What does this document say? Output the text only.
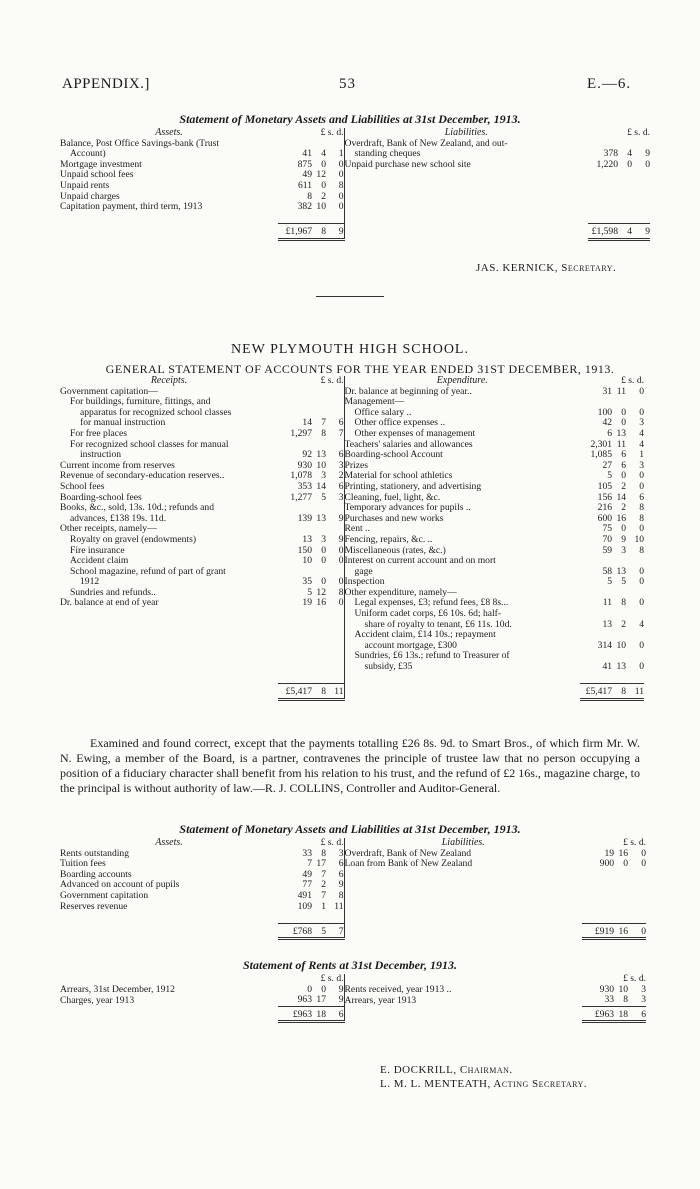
APPENDIX.]	53	E.—6.
Statement of Monetary Assets and Liabilities at 31st December, 1913.
Assets.	£ s. d.			Liabilities.	£ s. d.		
Balance, Post Office Savings-bank (Trust				Overdraft, Bank of New Zealand, and out-			
Account)	41	4	1	standing cheques	378	4	9
Mortgage investment	875	0	0	Unpaid purchase new school site	1,220	0	0
Unpaid school fees	49	12	0				
Unpaid rents	611	0	8				
Unpaid charges	8	2	0				
Capitation payment, third term, 1913	382	10	0				

	£1,967	8	9		£1,598	4	9
JAS. KERNICK, Secretary.
NEW PLYMOUTH HIGH SCHOOL.
GENERAL STATEMENT OF ACCOUNTS FOR THE YEAR ENDED 31ST DECEMBER, 1913.
Receipts.	£ s. d.			Expenditure.	£ s. d.		
Government capitation—				Dr. balance at beginning of year..	31	11	0
For buildings, furniture, fittings, and				Management—			
apparatus for recognized school classes				Office salary ..	100	0	0
for manual instruction	14	7	6	Other office expenses ..	42	0	3
For free places	1,297	8	7	Other expenses of management	6	13	4
For recognized school classes for manual				Teachers' salaries and allowances	2,301	11	4
instruction	92	13	6	Boarding-school Account	1,085	6	1
Current income from reserves	930	10	3	Prizes	27	6	3
Revenue of secondary-education reserves..	1,078	3	2	Material for school athletics	5	0	0
School fees	353	14	6	Printing, stationery, and advertising	105	2	0
Boarding-school fees	1,277	5	3	Cleaning, fuel, light, &c.	156	14	6
Books, &c., sold, 13s. 10d.; refunds and				Temporary advances for pupils ..	216	2	8
advances, £138 19s. 11d.	139	13	9	Purchases and new works	600	16	8
Other receipts, namely—				Rent ..	75	0	0
Royalty on gravel (endowments)	13	3	9	Fencing, repairs, &c. ..	70	9	10
Fire insurance	150	0	0	Miscellaneous (rates, &c.)	59	3	8
Accident claim	10	0	0	Interest on current account and on mort			
School magazine, refund of part of grant				gage	58	13	0
1912	35	0	0	Inspection	5	5	0
Sundries and refunds..	5	12	8	Other expenditure, namely—			
Dr. balance at end of year	19	16	0	Legal expenses, £3; refund fees, £8 8s...	11	8	0
				Uniform cadet corps, £6 10s. 6d; half-			
				share of royalty to tenant, £6 11s. 10d.	13	2	4
				Accident claim, £14 10s.; repayment			
				account mortgage, £300	314	10	0
				Sundries, £6 13s.; refund to Treasurer of			
				subsidy, £35	41	13	0

	£5,417	8	11		£5,417	8	11
Examined and found correct, except that the payments totalling £26 8s. 9d. to Smart Bros., of which firm Mr. W. N. Ewing, a member of the Board, is a partner, contravenes the principle of trustee law that no person occupying a position of a fiduciary character shall benefit from his relation to his trust, and the refund of £2 16s., magazine charge, to the principal is without authority of law.—R. J. COLLINS, Controller and Auditor-General.
Statement of Monetary Assets and Liabilities at 31st December, 1913.
Assets.	£ s. d.			Liabilities.	£ s. d.		
Rents outstanding	33	8	3	Overdraft, Bank of New Zealand	19	16	0
Tuition fees	7	17	6	Loan from Bank of New Zealand	900	0	0
Boarding accounts	49	7	6				
Advanced on account of pupils	77	2	9				
Government capitation	491	7	8				
Reserves revenue	109	1	11				

	£768	5	7		£919	16	0
Statement of Rents at 31st December, 1913.
	£ s. d.				£ s. d.		
Arrears, 31st December, 1912	0	0	9	Rents received, year 1913 ..	930	10	3
Charges, year 1913	963	17	9	Arrears, year 1913	33	8	3
	£963	18	6		£963	18	6
E. DOCKRILL, Chairman.
L. M. L. MENTEATH, Acting Secretary.
